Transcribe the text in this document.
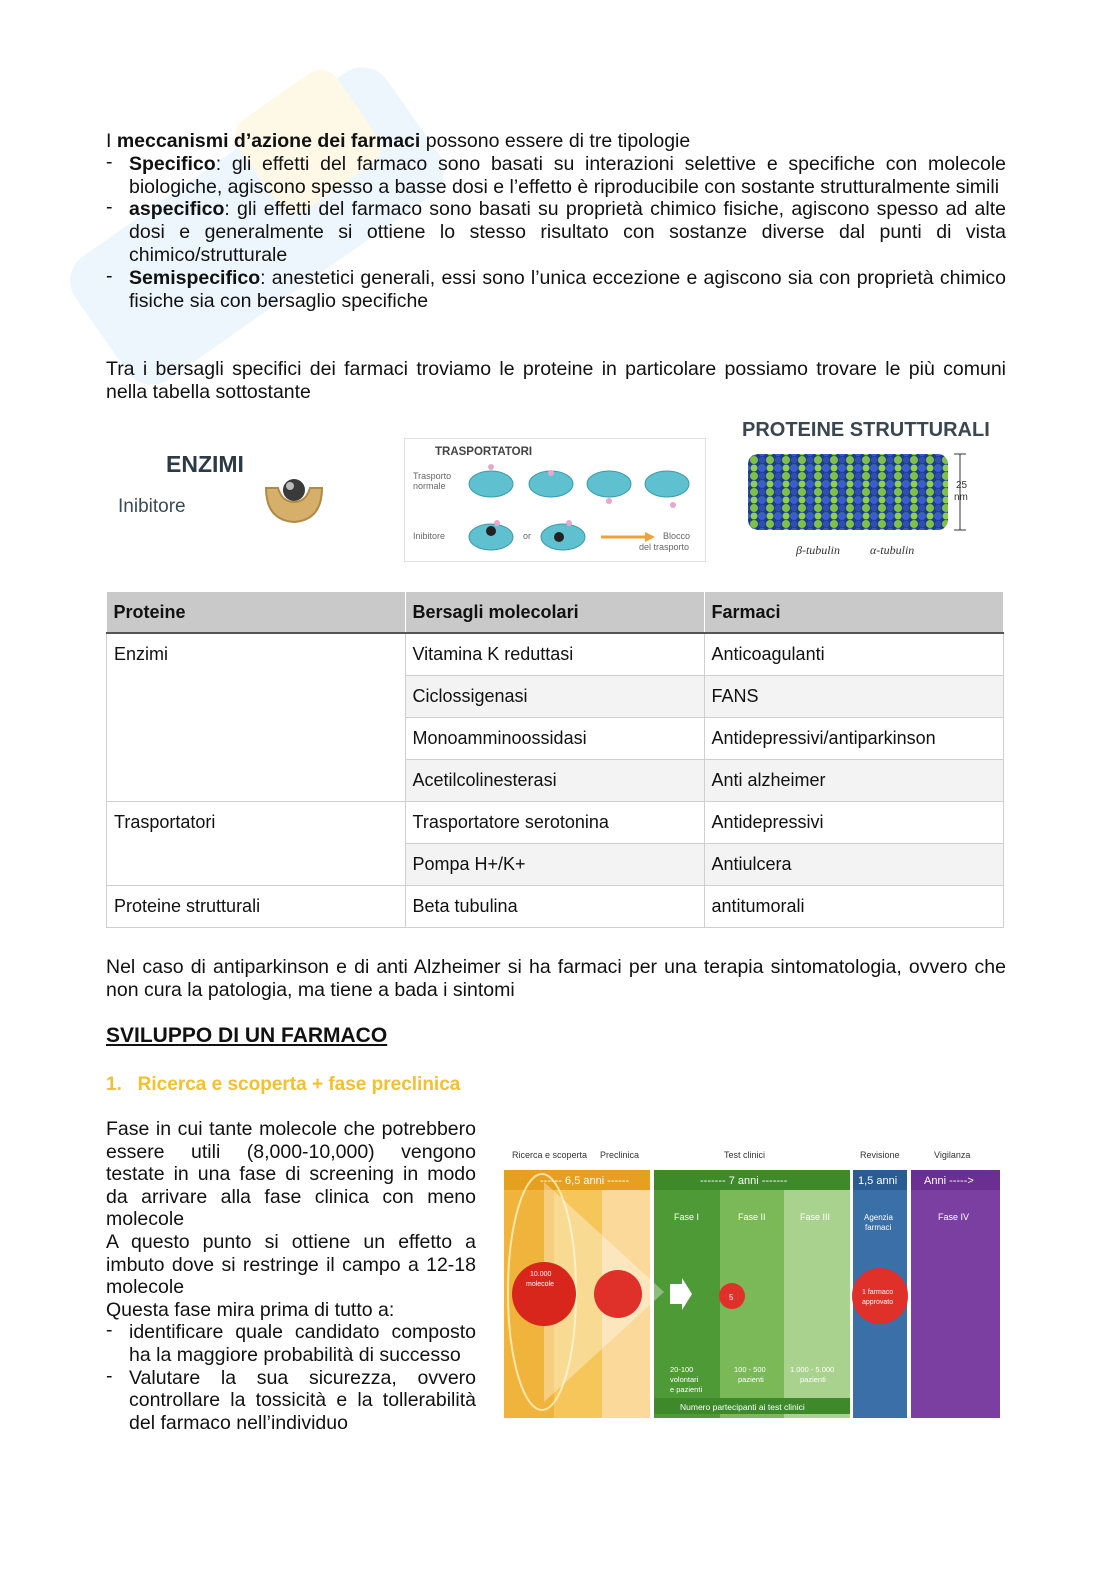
I meccanismi d’azione dei farmaci possono essere di tre tipologie
- Specifico: gli effetti del farmaco sono basati su interazioni selettive e specifiche con molecole biologiche, agiscono spesso a basse dosi e l’effetto è riproducibile con sostante strutturalmente simili
- aspecifico: gli effetti del farmaco sono basati su proprietà chimico fisiche, agiscono spesso ad alte dosi e generalmente si ottiene lo stesso risultato con sostanze diverse dal punti di vista chimico/strutturale
- Semispecifico: anestetici generali, essi sono l’unica eccezione e agiscono sia con proprietà chimico fisiche sia con bersaglio specifiche
Tra i bersagli specifici dei farmaci troviamo le proteine in particolare possiamo trovare le più comuni nella tabella sottostante
ENZIMI
Inibitore
TRASPORTATORI
Trasporto
normale
Inibitore	or	Blocco
del trasporto
PROTEINE STRUTTURALI
25
nm
β-tubulin	α-tubulin
Proteine	Bersagli molecolari	Farmaci
Enzimi	Vitamina K reduttasi	Anticoagulanti
	Ciclossigenasi	FANS
	Monoamminoossidasi	Antidepressivi/antiparkinson
	Acetilcolinesterasi	Anti alzheimer
Trasportatori	Trasportatore serotonina	Antidepressivi
	Pompa H+/K+	Antiulcera
Proteine strutturali	Beta tubulina	antitumorali
Nel caso di antiparkinson e di anti Alzheimer si ha farmaci per una terapia sintomatologia, ovvero che non cura la patologia, ma tiene a bada i sintomi
SVILUPPO DI UN FARMACO
1.   Ricerca e scoperta + fase preclinica
Fase in cui tante molecole che potrebbero essere utili (8,000-10,000) vengono testate in una fase di screening in modo da arrivare alla fase clinica con meno molecole
A questo punto si ottiene un effetto a imbuto dove si restringe il campo a 12-18 molecole
Questa fase mira prima di tutto a:
- identificare quale candidato composto ha la maggiore probabilità di successo
- Valutare la sua sicurezza, ovvero controllare la tossicità e la tollerabilità del farmaco nell’individuo
Ricerca e scoperta Preclinica	Test clinici	Revisione	Vigilanza
------ 6,5 anni ------	------- 7 anni -------	1,5 anni Anni ----->
Fase I	Fase II	Fase III	Agenzia
farmaci
Fase IV
10.000
molecole
5
1 farmaco
approvato
20-100
volontari
e pazienti
100 - 500
pazienti
1.000 - 5.000
pazienti
Numero partecipanti ai test clinici
